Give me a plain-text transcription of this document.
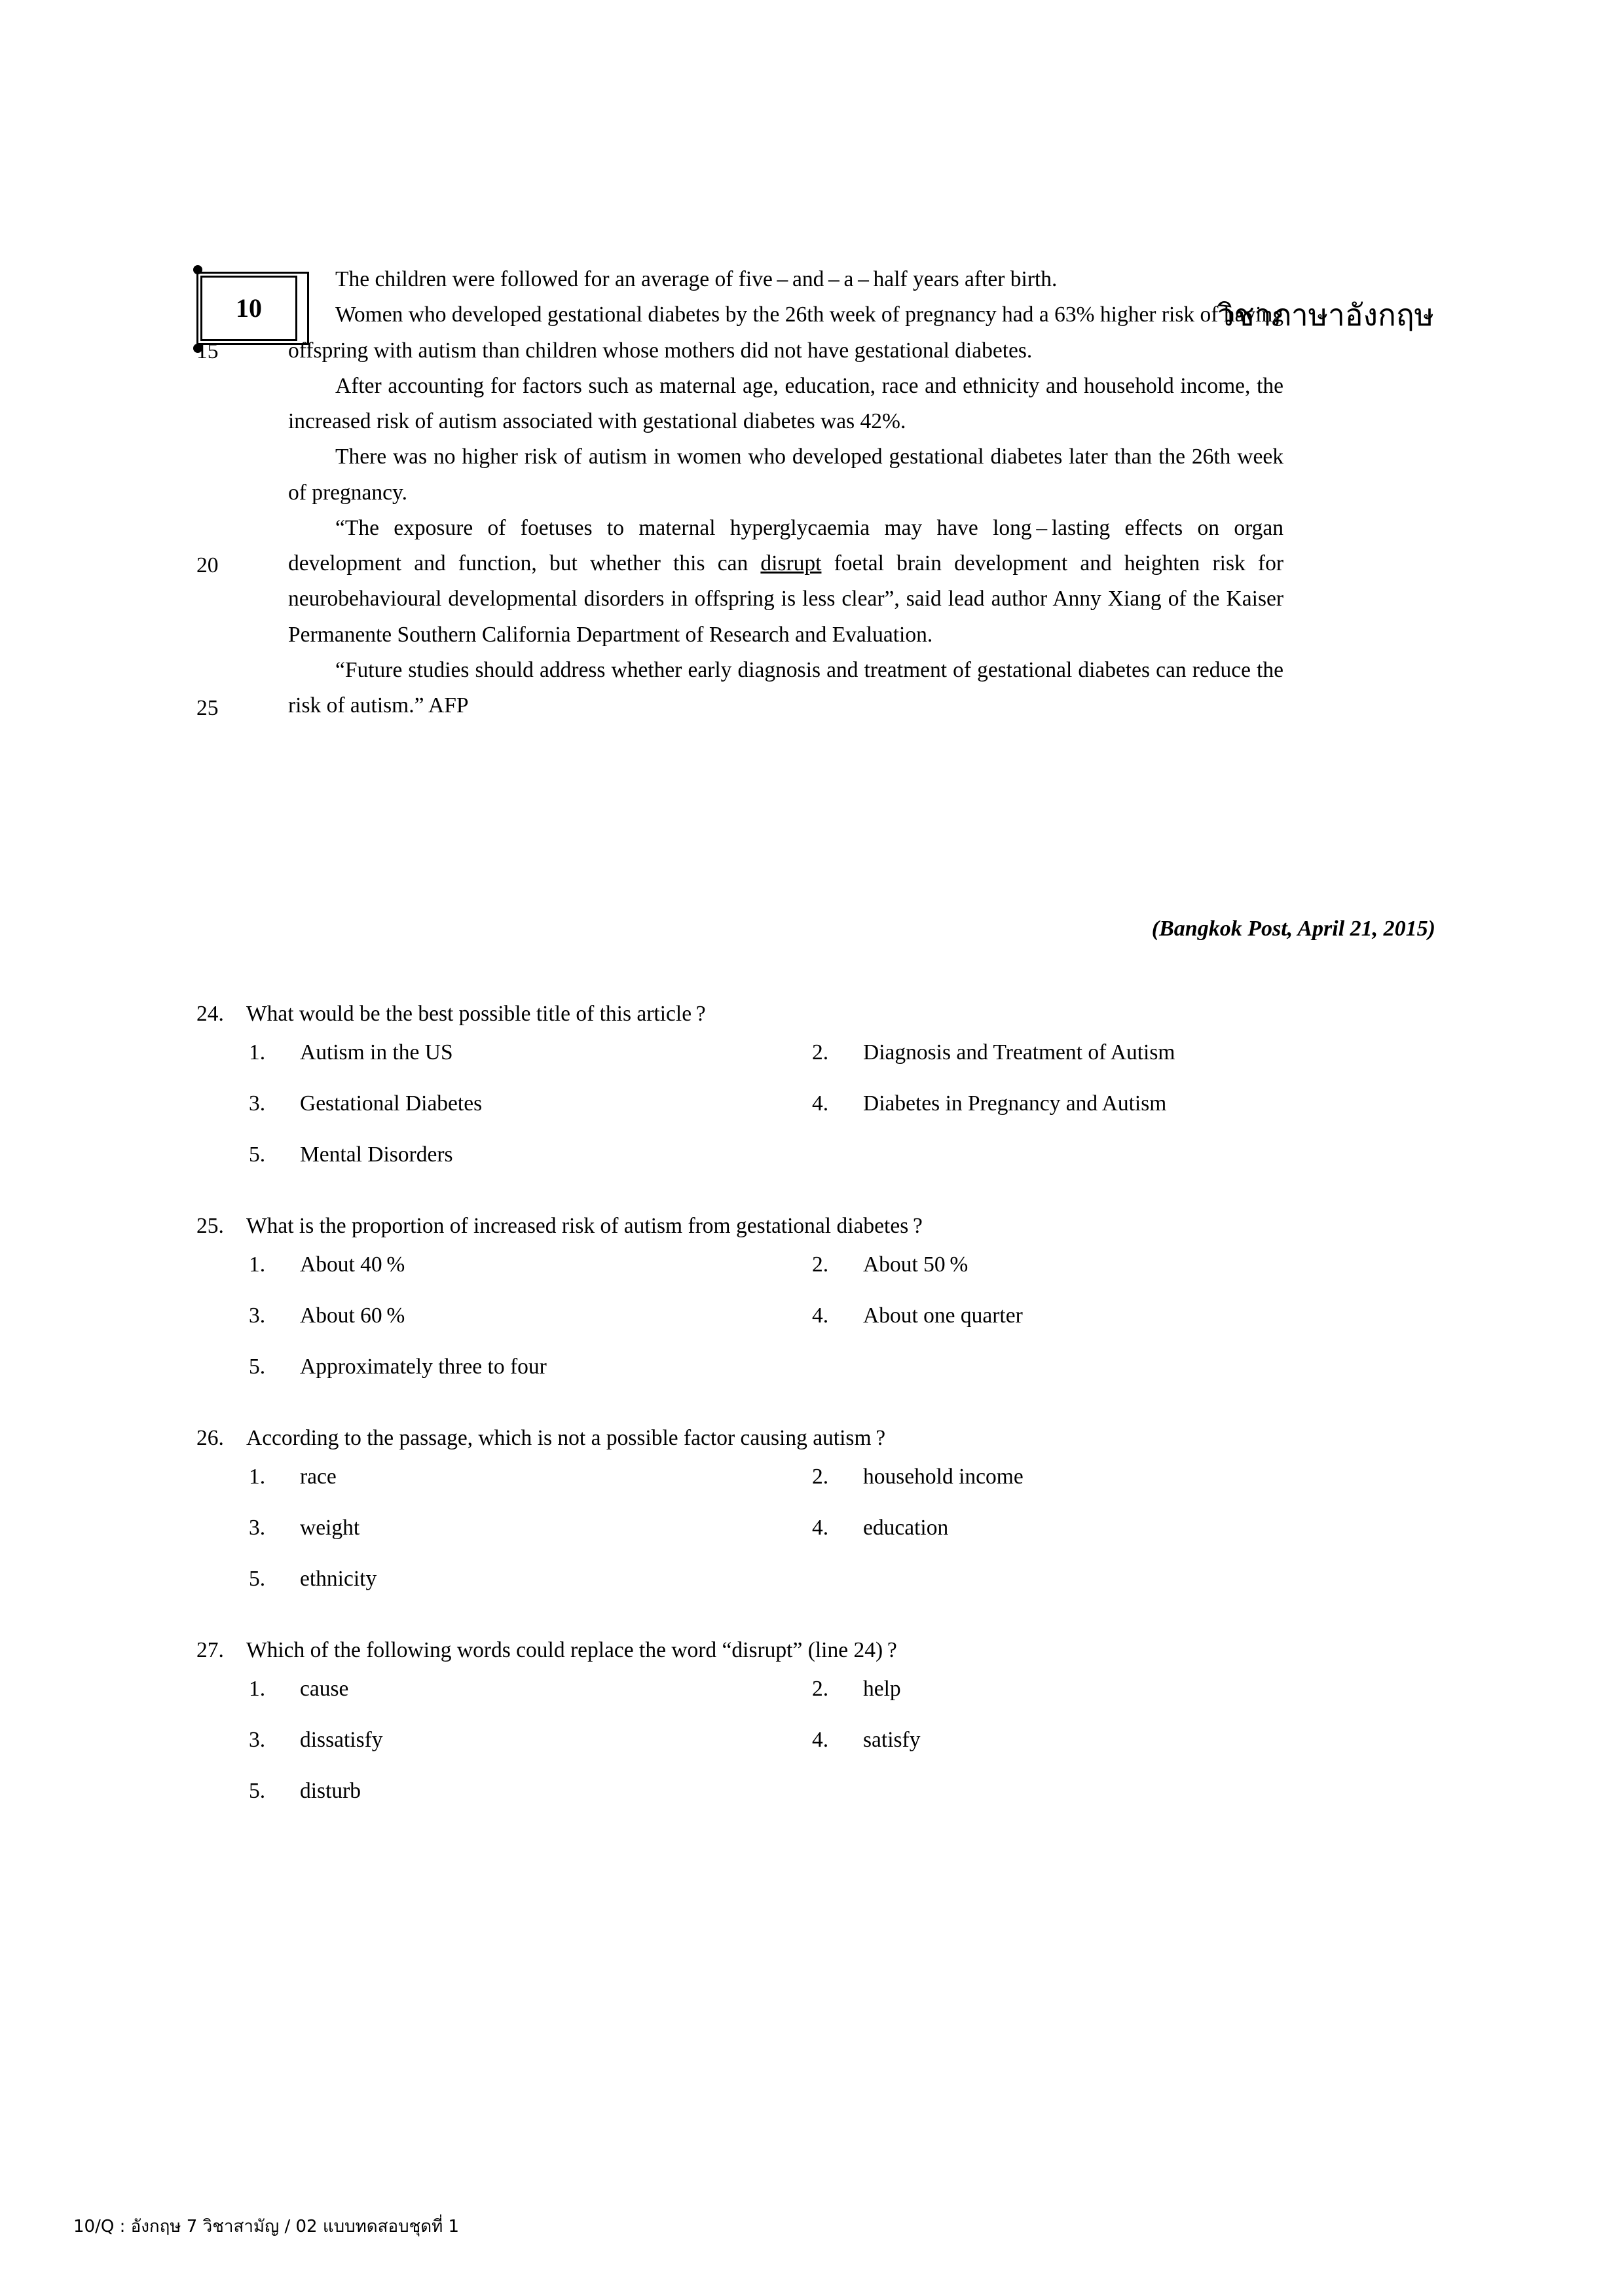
10	วิชาภาษาอังกฤษ
15
20
25

The children were followed for an average of five – and – a – half years after birth.

Women who developed gestational diabetes by the 26th week of pregnancy had a 63% higher risk of having offspring with autism than children whose mothers did not have gestational diabetes.

After accounting for factors such as maternal age, education, race and ethnicity and household income, the increased risk of autism associated with gestational diabetes was 42%.

There was no higher risk of autism in women who developed gestational diabetes later than the 26th week of pregnancy.

“The exposure of foetuses to maternal hyperglycaemia may have long – lasting effects on organ development and function, but whether this can disrupt foetal brain development and heighten risk for neurobehavioural developmental disorders in offspring is less clear”, said lead author Anny Xiang of the Kaiser Permanente Southern California Department of Research and Evaluation.

“Future studies should address whether early diagnosis and treatment of gestational diabetes can reduce the risk of autism.” AFP

(Bangkok Post, April 21, 2015)
24.	What would be the best possible title of this article ?
1.	Autism in the US	2.	Diagnosis and Treatment of Autism
3.	Gestational Diabetes	4.	Diabetes in Pregnancy and Autism
5.	Mental Disorders
25.	What is the proportion of increased risk of autism from gestational diabetes ?
1.	About 40 %	2.	About 50 %
3.	About 60 %	4.	About one quarter
5.	Approximately three to four
26.	According to the passage, which is not a possible factor causing autism ?
1.	race	2.	household income
3.	weight	4.	education
5.	ethnicity
27.	Which of the following words could replace the word “disrupt” (line 24) ?
1.	cause	2.	help
3.	dissatisfy	4.	satisfy
5.	disturb
10/Q : อังกฤษ 7 วิชาสามัญ / 02 แบบทดสอบชุดที่ 1
